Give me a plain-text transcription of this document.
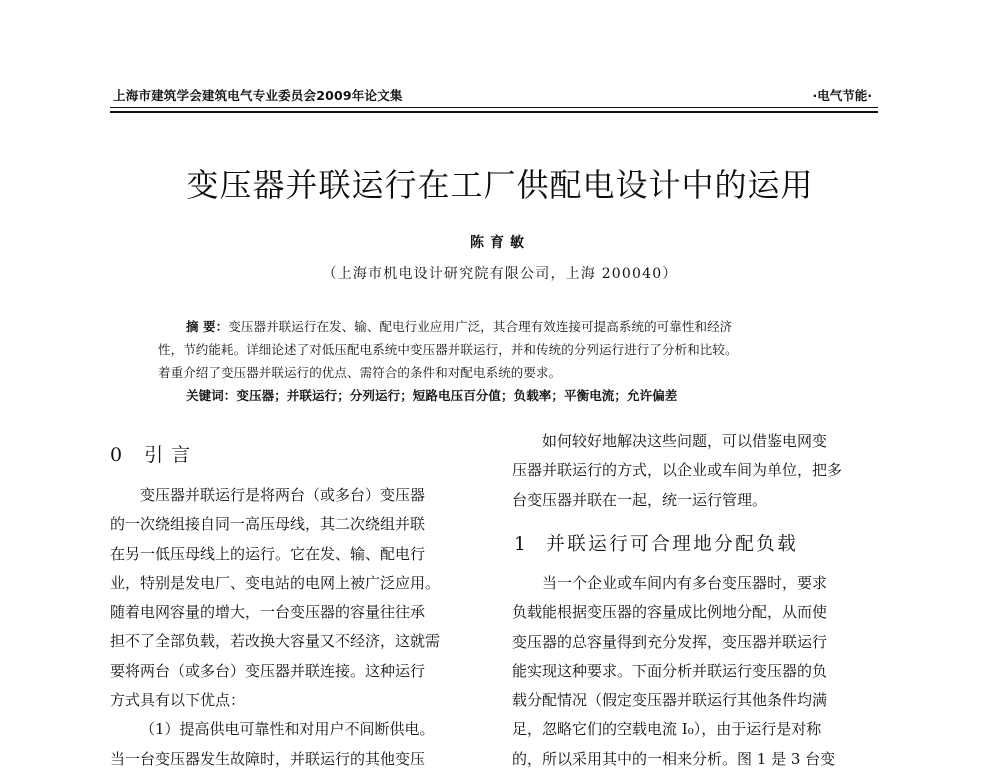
上海市建筑学会建筑电气专业委员会2009年论文集	·电气节能·
变压器并联运行在工厂供配电设计中的运用
陈育敏
（上海市机电设计研究院有限公司，上海 200040）
摘 要：变压器并联运行在发、输、配电行业应用广泛，其合理有效连接可提高系统的可靠性和经济
性，节约能耗。详细论述了对低压配电系统中变压器并联运行，并和传统的分列运行进行了分析和比较。
着重介绍了变压器并联运行的优点、需符合的条件和对配电系统的要求。
关键词：变压器；并联运行；分列运行；短路电压百分值；负载率；平衡电流；允许偏差
0 引言
变压器并联运行是将两台（或多台）变压器
的一次绕组接自同一高压母线，其二次绕组并联
在另一低压母线上的运行。它在发、输、配电行
业，特别是发电厂、变电站的电网上被广泛应用。
随着电网容量的增大，一台变压器的容量往往承
担不了全部负载，若改换大容量又不经济，这就需
要将两台（或多台）变压器并联连接。这种运行
方式具有以下优点：
（1）提高供电可靠性和对用户不间断供电。
当一台变压器发生故障时，并联运行的其他变压
如何较好地解决这些问题，可以借鉴电网变
压器并联运行的方式，以企业或车间为单位，把多
台变压器并联在一起，统一运行管理。
1 并联运行可合理地分配负载
当一个企业或车间内有多台变压器时，要求
负载能根据变压器的容量成比例地分配，从而使
变压器的总容量得到充分发挥，变压器并联运行
能实现这种要求。下面分析并联运行变压器的负
载分配情况（假定变压器并联运行其他条件均满
足，忽略它们的空载电流 I₀），由于运行是对称
的，所以采用其中的一相来分析。图 1 是 3 台变
